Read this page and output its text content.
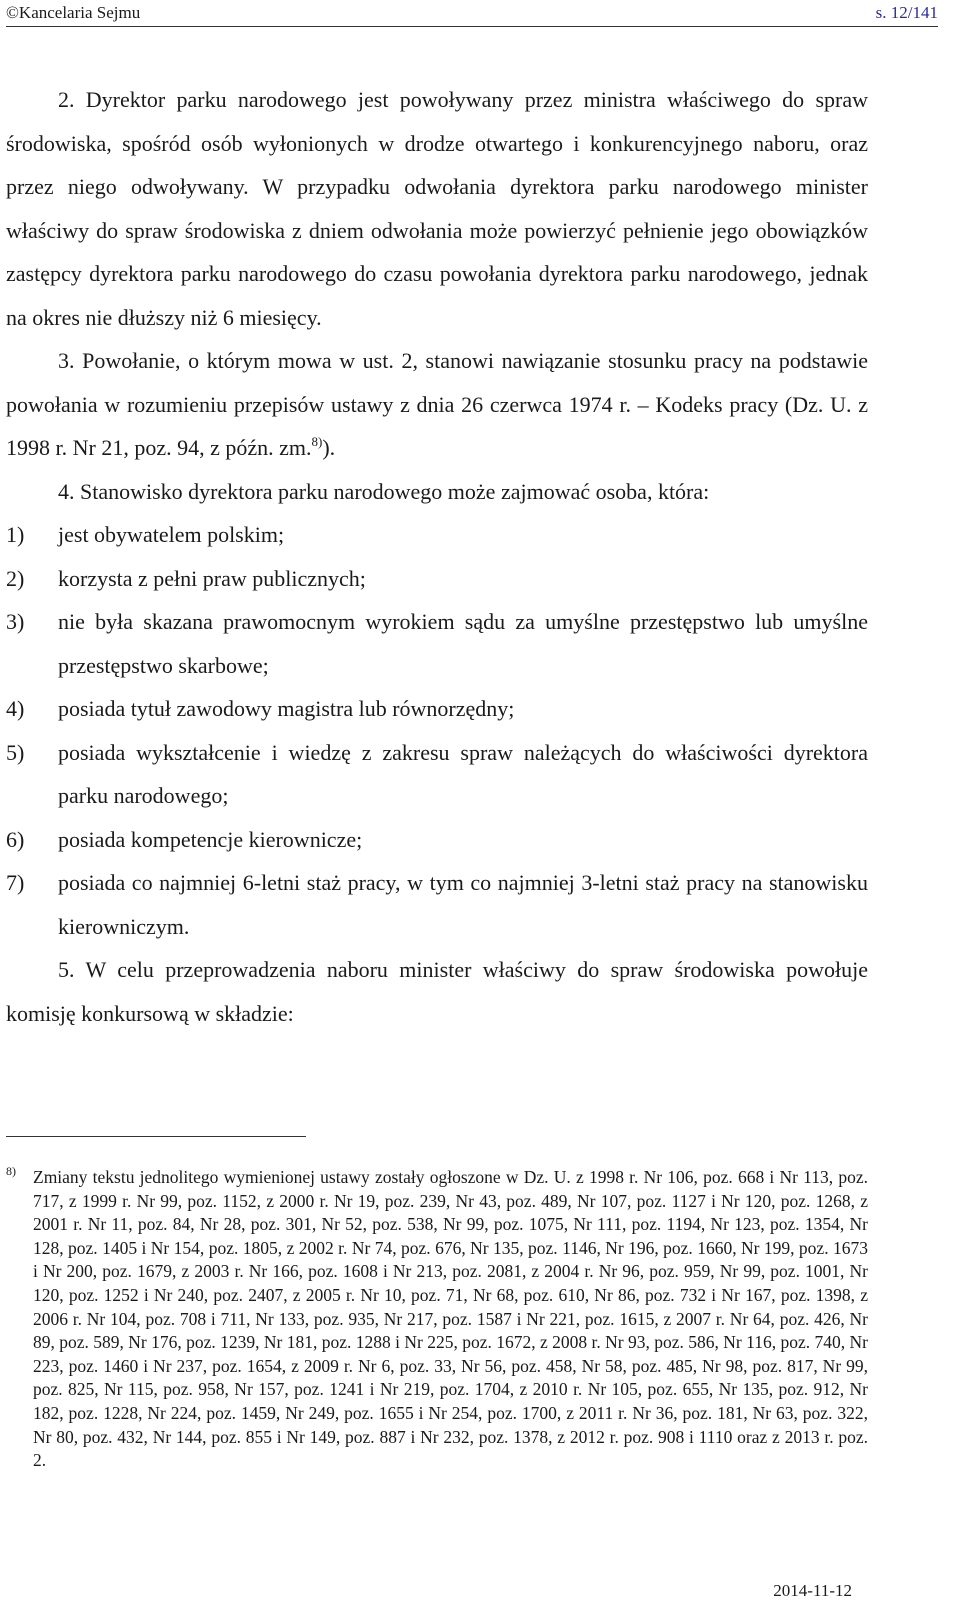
©Kancelaria Sejmu	s. 12/141

2. Dyrektor parku narodowego jest powoływany przez ministra właściwego do spraw środowiska, spośród osób wyłonionych w drodze otwartego i konkurencyjnego naboru, oraz przez niego odwoływany. W przypadku odwołania dyrektora parku narodowego minister właściwy do spraw środowiska z dniem odwołania może powierzyć pełnienie jego obowiązków zastępcy dyrektora parku narodowego do czasu powołania dyrektora parku narodowego, jednak na okres nie dłuższy niż 6 miesięcy.

3. Powołanie, o którym mowa w ust. 2, stanowi nawiązanie stosunku pracy na podstawie powołania w rozumieniu przepisów ustawy z dnia 26 czerwca 1974 r. – Kodeks pracy (Dz. U. z 1998 r. Nr 21, poz. 94, z późn. zm.$^{8)}$).

4. Stanowisko dyrektora parku narodowego może zajmować osoba, która:

1) jest obywatelem polskim;
2) korzysta z pełni praw publicznych;
3) nie była skazana prawomocnym wyrokiem sądu za umyślne przestępstwo lub umyślne przestępstwo skarbowe;
4) posiada tytuł zawodowy magistra lub równorzędny;
5) posiada wykształcenie i wiedzę z zakresu spraw należących do właściwości dyrektora parku narodowego;
6) posiada kompetencje kierownicze;
7) posiada co najmniej 6-letni staż pracy, w tym co najmniej 3-letni staż pracy na stanowisku kierowniczym.

5. W celu przeprowadzenia naboru minister właściwy do spraw środowiska powołuje komisję konkursową w składzie:

8) Zmiany tekstu jednolitego wymienionej ustawy zostały ogłoszone w Dz. U. z 1998 r. Nr 106, poz. 668 i Nr 113, poz. 717, z 1999 r. Nr 99, poz. 1152, z 2000 r. Nr 19, poz. 239, Nr 43, poz. 489, Nr 107, poz. 1127 i Nr 120, poz. 1268, z 2001 r. Nr 11, poz. 84, Nr 28, poz. 301, Nr 52, poz. 538, Nr 99, poz. 1075, Nr 111, poz. 1194, Nr 123, poz. 1354, Nr 128, poz. 1405 i Nr 154, poz. 1805, z 2002 r. Nr 74, poz. 676, Nr 135, poz. 1146, Nr 196, poz. 1660, Nr 199, poz. 1673 i Nr 200, poz. 1679, z 2003 r. Nr 166, poz. 1608 i Nr 213, poz. 2081, z 2004 r. Nr 96, poz. 959, Nr 99, poz. 1001, Nr 120, poz. 1252 i Nr 240, poz. 2407, z 2005 r. Nr 10, poz. 71, Nr 68, poz. 610, Nr 86, poz. 732 i Nr 167, poz. 1398, z 2006 r. Nr 104, poz. 708 i 711, Nr 133, poz. 935, Nr 217, poz. 1587 i Nr 221, poz. 1615, z 2007 r. Nr 64, poz. 426, Nr 89, poz. 589, Nr 176, poz. 1239, Nr 181, poz. 1288 i Nr 225, poz. 1672, z 2008 r. Nr 93, poz. 586, Nr 116, poz. 740, Nr 223, poz. 1460 i Nr 237, poz. 1654, z 2009 r. Nr 6, poz. 33, Nr 56, poz. 458, Nr 58, poz. 485, Nr 98, poz. 817, Nr 99, poz. 825, Nr 115, poz. 958, Nr 157, poz. 1241 i Nr 219, poz. 1704, z 2010 r. Nr 105, poz. 655, Nr 135, poz. 912, Nr 182, poz. 1228, Nr 224, poz. 1459, Nr 249, poz. 1655 i Nr 254, poz. 1700, z 2011 r. Nr 36, poz. 181, Nr 63, poz. 322, Nr 80, poz. 432, Nr 144, poz. 855 i Nr 149, poz. 887 i Nr 232, poz. 1378, z 2012 r. poz. 908 i 1110 oraz z 2013 r. poz. 2.
2014-11-12
